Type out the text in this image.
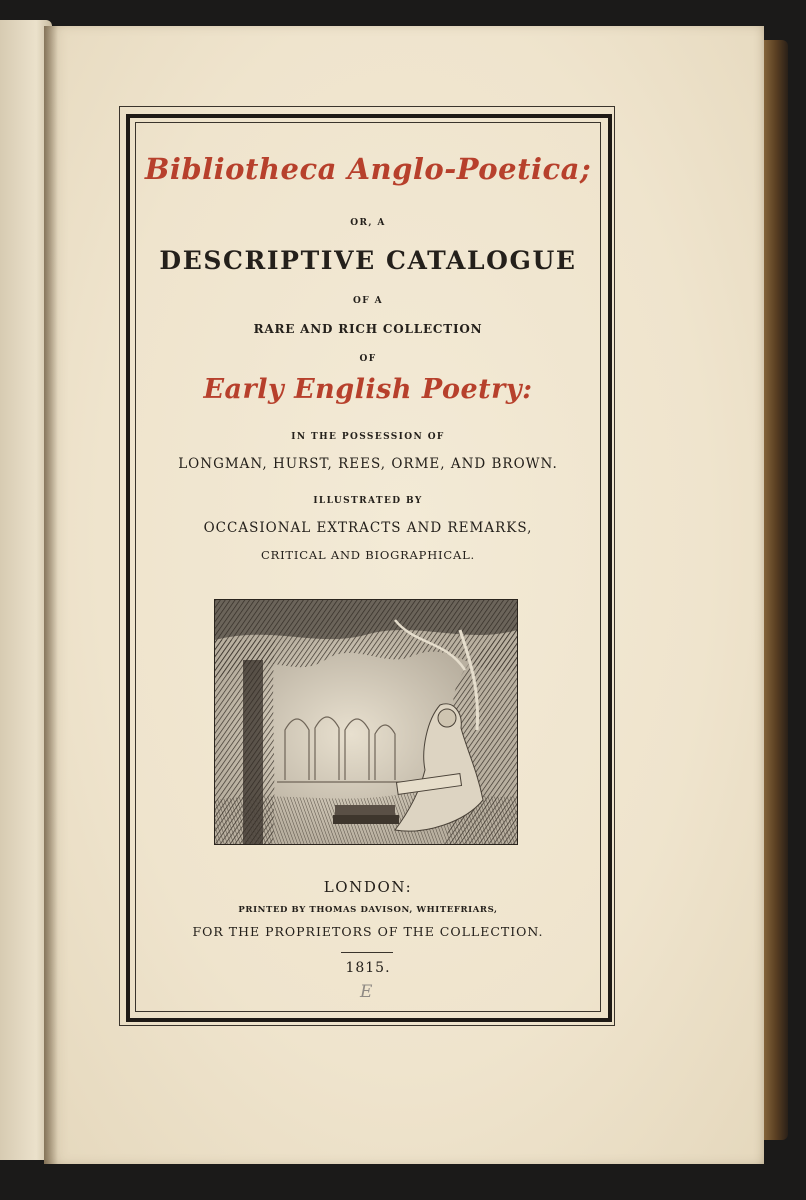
Bibliotheca Anglo-Poetica;
OR, A
DESCRIPTIVE CATALOGUE
OF A
RARE AND RICH COLLECTION
OF
Early English Poetry:
IN THE POSSESSION OF
LONGMAN, HURST, REES, ORME, AND BROWN.
ILLUSTRATED BY
OCCASIONAL EXTRACTS AND REMARKS,
CRITICAL AND BIOGRAPHICAL.
LONDON:
PRINTED BY THOMAS DAVISON, WHITEFRIARS,
FOR THE PROPRIETORS OF THE COLLECTION.
1815.
E
